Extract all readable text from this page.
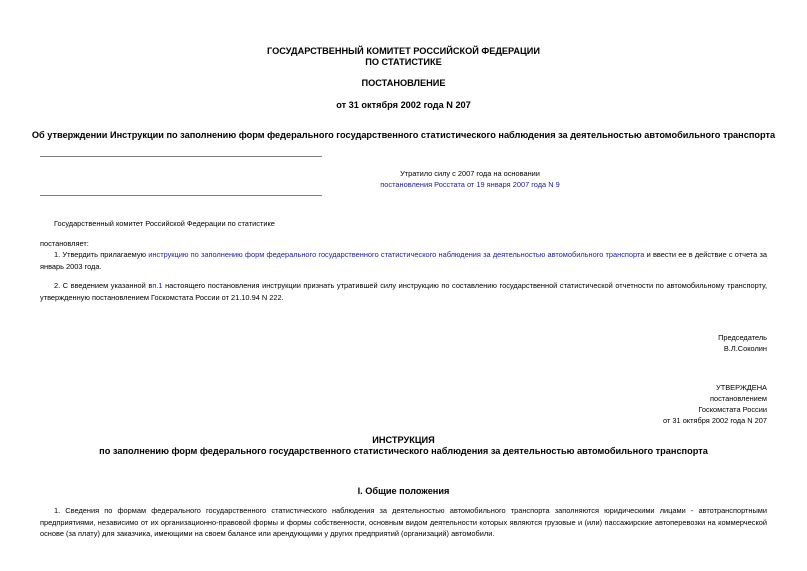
ГОСУДАРСТВЕННЫЙ КОМИТЕТ РОССИЙСКОЙ ФЕДЕРАЦИИ
ПО СТАТИСТИКЕ
ПОСТАНОВЛЕНИЕ
от 31 октября 2002 года N 207
Об утверждении Инструкции по заполнению форм федерального государственного статистического наблюдения за деятельностью автомобильного транспорта
Утратило силу с 2007 года на основании
постановления Росстата от 19 января 2007 года N 9
Государственный комитет Российской Федерации по статистике
постановляет:
1. Утвердить прилагаемую инструкцию по заполнению форм федерального государственного статистического наблюдения за деятельностью автомобильного транспорта и ввести ее в действие с отчета за январь 2003 года.
2. С введением указанной вп.1 настоящего постановления инструкции признать утратившей силу инструкцию по составлению государственной статистической отчетности по автомобильному транспорту, утвержденную постановлением Госкомстата России от 21.10.94 N 222.
Председатель
В.Л.Соколин
УТВЕРЖДЕНА
постановлением
Госкомстата России
от 31 октября 2002 года N 207
ИНСТРУКЦИЯ
по заполнению форм федерального государственного статистического наблюдения за деятельностью автомобильного транспорта
I. Общие положения
1. Сведения по формам федерального государственного статистического наблюдения за деятельностью автомобильного транспорта заполняются юридическими лицами - автотранспортными предприятиями, независимо от их организационно-правовой формы и формы собственности, основным видом деятельности которых являются грузовые и (или) пассажирские автоперевозки на коммерческой основе (за плату) для заказчика, имеющими на своем балансе или арендующими у других предприятий (организаций) автомобили.
